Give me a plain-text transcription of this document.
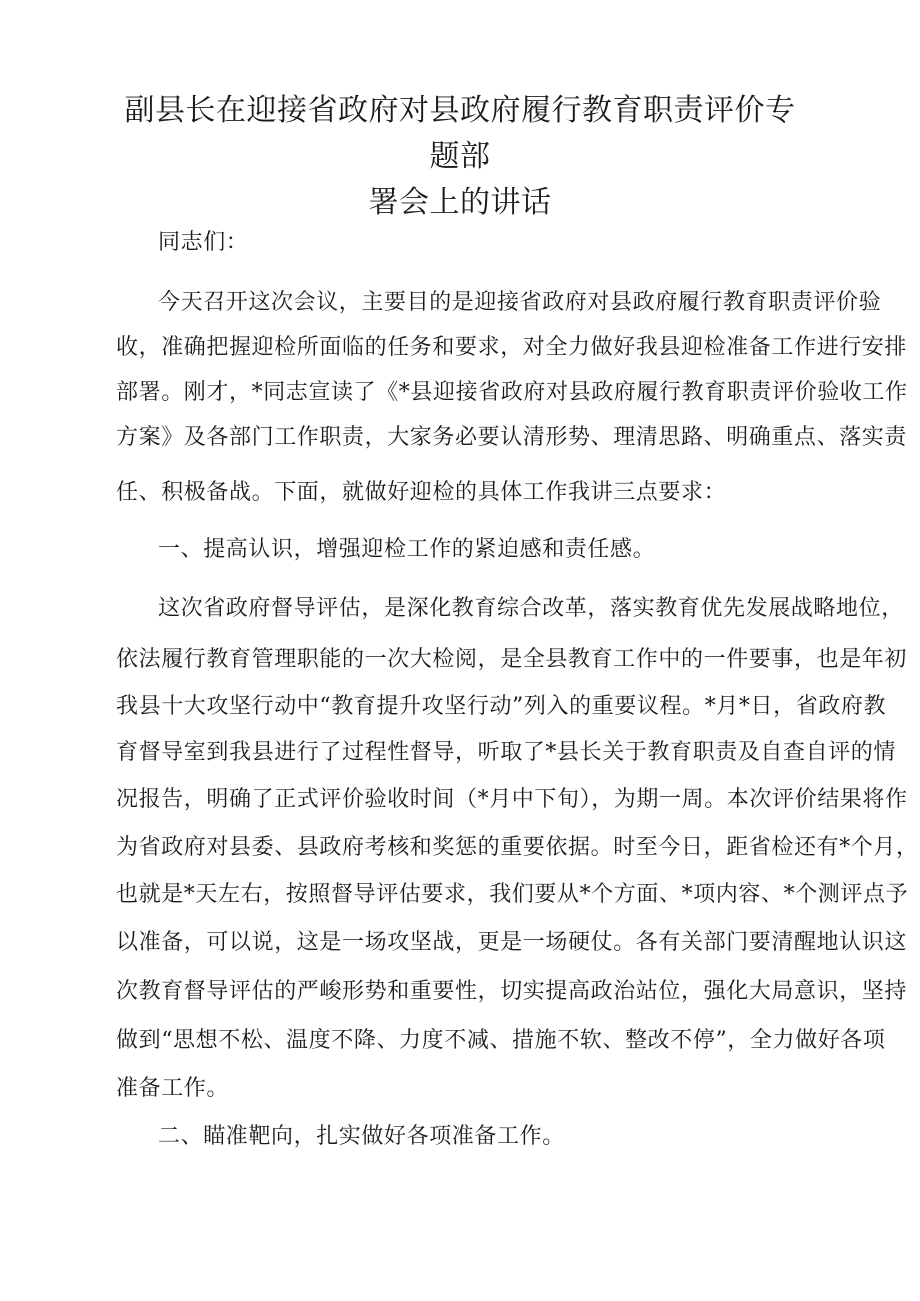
副县长在迎接省政府对县政府履行教育职责评价专题部
署会上的讲话
同志们：
今天召开这次会议，主要目的是迎接省政府对县政府履行教育职责评价验
收，准确把握迎检所面临的任务和要求，对全力做好我县迎检准备工作进行安排
部署。刚才，*同志宣读了《*县迎接省政府对县政府履行教育职责评价验收工作
方案》及各部门工作职责，大家务必要认清形势、理清思路、明确重点、落实责
任、积极备战。下面，就做好迎检的具体工作我讲三点要求：
一、提高认识，增强迎检工作的紧迫感和责任感。
这次省政府督导评估，是深化教育综合改革，落实教育优先发展战略地位，
依法履行教育管理职能的一次大检阅，是全县教育工作中的一件要事，也是年初
我县十大攻坚行动中“教育提升攻坚行动”列入的重要议程。*月*日，省政府教
育督导室到我县进行了过程性督导，听取了*县长关于教育职责及自查自评的情
况报告，明确了正式评价验收时间（*月中下旬），为期一周。本次评价结果将作
为省政府对县委、县政府考核和奖惩的重要依据。时至今日，距省检还有*个月，
也就是*天左右，按照督导评估要求，我们要从*个方面、*项内容、*个测评点予
以准备，可以说，这是一场攻坚战，更是一场硬仗。各有关部门要清醒地认识这
次教育督导评估的严峻形势和重要性，切实提高政治站位，强化大局意识，坚持
做到“思想不松、温度不降、力度不减、措施不软、整改不停”，全力做好各项
准备工作。
二、瞄准靶向，扎实做好各项准备工作。
